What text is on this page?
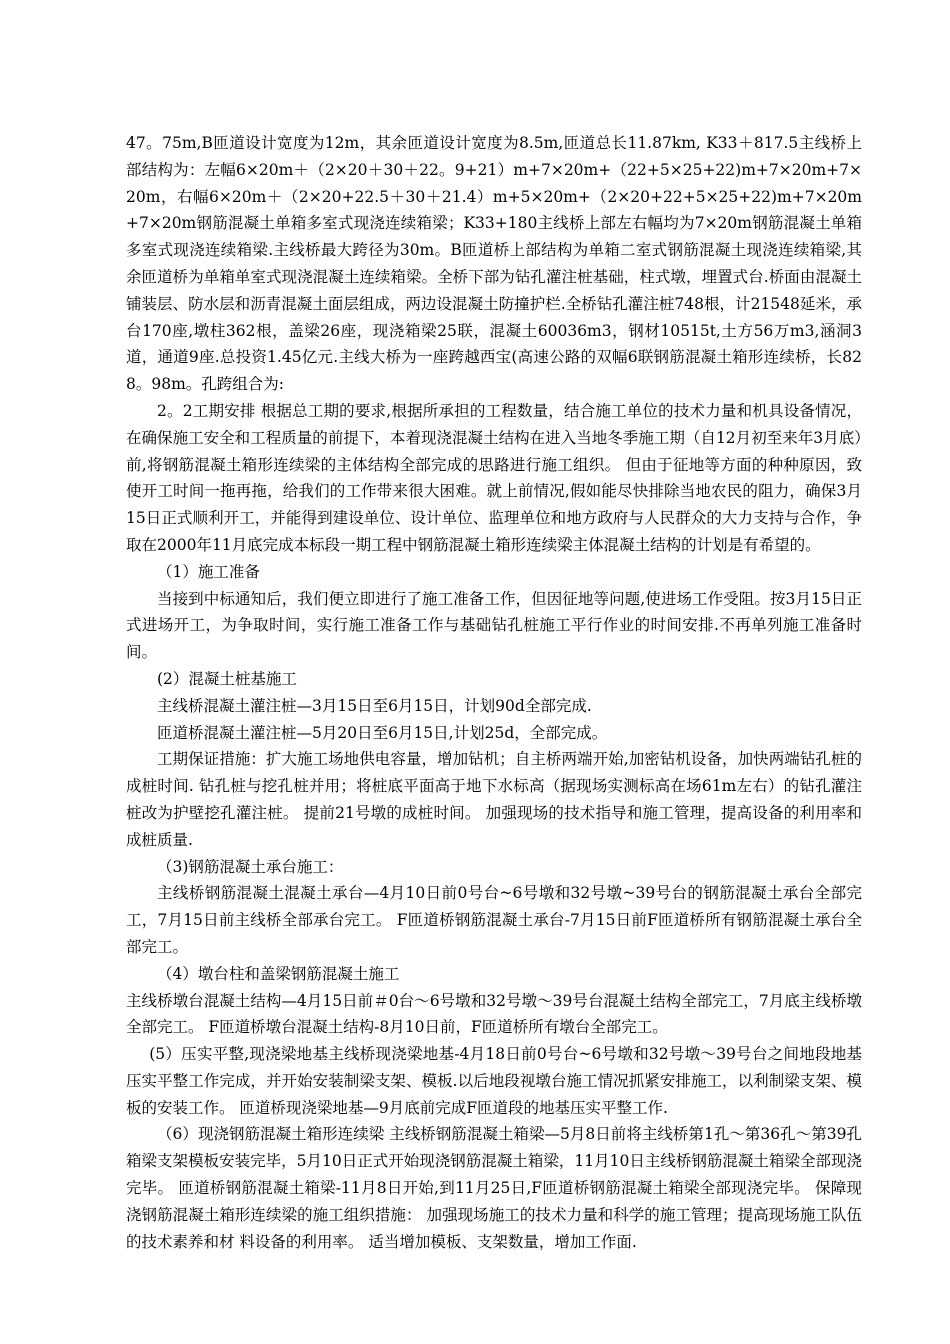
47。75m,B匝道设计宽度为12m，其余匝道设计宽度为8.5m,匝道总长11.87km, K33＋817.5主线桥上部结构为：左幅6×20m＋（2×20＋30＋22。9+21）m+7×20m+（22+5×25+22)m+7×20m+7×20m，右幅6×20m＋（2×20+22.5＋30＋21.4）m+5×20m+（2×20+22+5×25+22)m+7×20m+7×20m钢筋混凝土单箱多室式现浇连续箱梁；K33+180主线桥上部左右幅均为7×20m钢筋混凝土单箱多室式现浇连续箱梁.主线桥最大跨径为30m。B匝道桥上部结构为单箱二室式钢筋混凝土现浇连续箱梁,其余匝道桥为单箱单室式现浇混凝土连续箱梁。全桥下部为钻孔灌注桩基础，柱式墩，埋置式台.桥面由混凝土铺装层、防水层和沥青混凝土面层组成，两边设混凝土防撞护栏.全桥钻孔灌注桩748根，计21548延米，承台170座,墩柱362根，盖梁26座，现浇箱梁25联，混凝土60036m3，钢材10515t,土方56万m3,涵洞3道，通道9座.总投资1.45亿元.主线大桥为一座跨越西宝(高速公路的双幅6联钢筋混凝土箱形连续桥，长828。98m。孔跨组合为:

2。2工期安排 根据总工期的要求,根据所承担的工程数量，结合施工单位的技术力量和机具设备情况，在确保施工安全和工程质量的前提下，本着现浇混凝土结构在进入当地冬季施工期（自12月初至来年3月底）前,将钢筋混凝土箱形连续梁的主体结构全部完成的思路进行施工组织。 但由于征地等方面的种种原因，致使开工时间一拖再拖，给我们的工作带来很大困难。就上前情况,假如能尽快排除当地农民的阻力，确保3月15日正式顺利开工，并能得到建设单位、设计单位、监理单位和地方政府与人民群众的大力支持与合作，争取在2000年11月底完成本标段一期工程中钢筋混凝土箱形连续梁主体混凝土结构的计划是有希望的。

（1）施工准备

当接到中标通知后，我们便立即进行了施工准备工作，但因征地等问题,使进场工作受阻。按3月15日正式进场开工，为争取时间，实行施工准备工作与基础钻孔桩施工平行作业的时间安排.不再单列施工准备时间。

(2）混凝土桩基施工

主线桥混凝土灌注桩—3月15日至6月15日，计划90d全部完成.

匝道桥混凝土灌注桩—5月20日至6月15日,计划25d，全部完成。

工期保证措施：扩大施工场地供电容量，增加钻机；自主桥两端开始,加密钻机设备，加快两端钻孔桩的成桩时间. 钻孔桩与挖孔桩并用；将桩底平面高于地下水标高（据现场实测标高在场61m左右）的钻孔灌注桩改为护壁挖孔灌注桩。 提前21号墩的成桩时间。 加强现场的技术指导和施工管理，提高设备的利用率和成桩质量.

（3)钢筋混凝土承台施工：

主线桥钢筋混凝土混凝土承台—4月10日前0号台~6号墩和32号墩~39号台的钢筋混凝土承台全部完工，7月15日前主线桥全部承台完工。 F匝道桥钢筋混凝土承台-7月15日前F匝道桥所有钢筋混凝土承台全部完工。

（4）墩台柱和盖梁钢筋混凝土施工

主线桥墩台混凝土结构—4月15日前＃0台～6号墩和32号墩～39号台混凝土结构全部完工，7月底主线桥墩全部完工。 F匝道桥墩台混凝土结构-8月10日前，F匝道桥所有墩台全部完工。

(5）压实平整,现浇梁地基主线桥现浇梁地基-4月18日前0号台~6号墩和32号墩～39号台之间地段地基压实平整工作完成，并开始安装制梁支架、模板.以后地段视墩台施工情况抓紧安排施工，以利制梁支架、模板的安装工作。 匝道桥现浇梁地基—9月底前完成F匝道段的地基压实平整工作.

（6）现浇钢筋混凝土箱形连续梁 主线桥钢筋混凝土箱梁—5月8日前将主线桥第1孔～第36孔～第39孔箱梁支架模板安装完毕，5月10日正式开始现浇钢筋混凝土箱梁，11月10日主线桥钢筋混凝土箱梁全部现浇完毕。 匝道桥钢筋混凝土箱梁-11月8日开始,到11月25日,F匝道桥钢筋混凝土箱梁全部现浇完毕。 保障现浇钢筋混凝土箱形连续梁的施工组织措施： 加强现场施工的技术力量和科学的施工管理；提高现场施工队伍的技术素养和材 料设备的利用率。 适当增加模板、支架数量，增加工作面.
